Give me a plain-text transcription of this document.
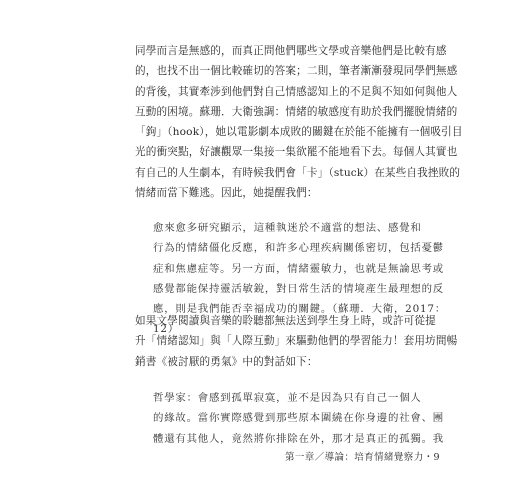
同學而言是無感的，而真正問他們哪些文學或音樂他們是比較有感
的，也找不出一個比較確切的答案；二則，筆者漸漸發現同學們無感
的背後，其實牽涉到他們對自己情感認知上的不足與不知如何與他人
互動的困境。蘇珊．大衛強調：情緒的敏感度有助於我們擺脫情緒的
「鉤」（hook），她以電影劇本成敗的關鍵在於能不能擁有一個吸引目
光的衝突點，好讓觀眾一集接一集欲罷不能地看下去。每個人其實也
有自己的人生劇本，有時候我們會「卡」（stuck）在某些自我挫敗的
情緒而當下難逃。因此，她提醒我們：
愈來愈多研究顯示，這種執迷於不適當的想法、感覺和
行為的情緒僵化反應，和許多心理疾病關係密切，包括憂鬱
症和焦慮症等。另一方面，情緒靈敏力，也就是無論思考或
感覺都能保持靈活敏銳，對日常生活的情境產生最理想的反
應，則是我們能否幸福成功的關鍵。（蘇珊．大衛，2017：
12）
如果文學閱讀與音樂的聆聽都無法送到學生身上時，或許可從提
升「情緒認知」與「人際互動」來驅動他們的學習能力！套用坊間暢
銷書《被討厭的勇氣》中的對話如下：
哲學家：會感到孤單寂寞，並不是因為只有自己一個人
的緣故。當你實際感覺到那些原本圍繞在你身邊的社會、團
體還有其他人，竟然將你排除在外，那才是真正的孤獨。我
第一章／導論：培育情緒覺察力・9
